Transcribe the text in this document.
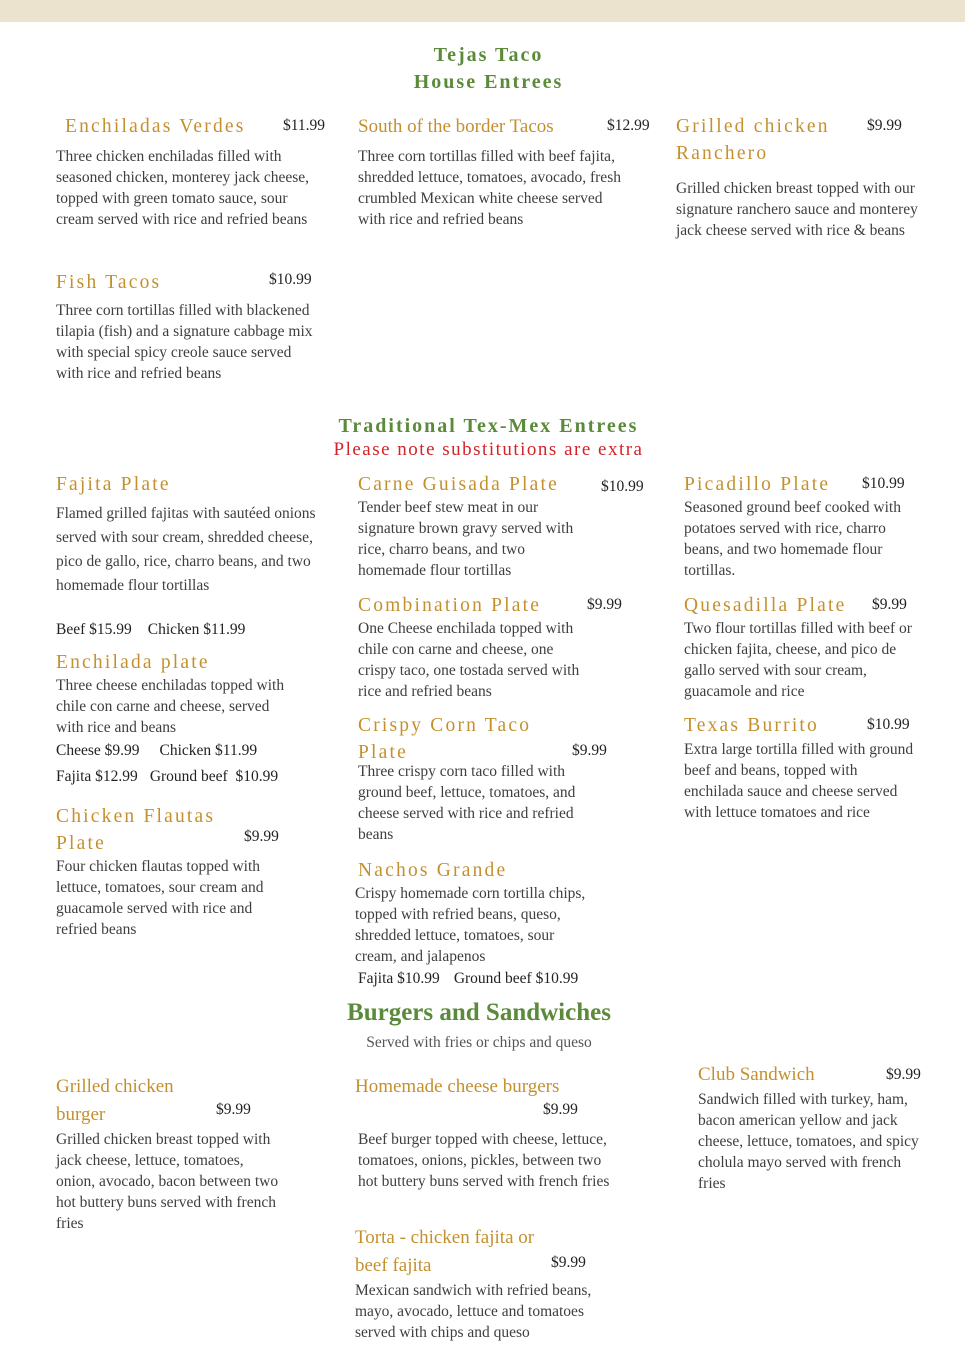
Tejas Taco
House Entrees
Enchiladas Verdes $11.99
Three chicken enchiladas filled with seasoned chicken, monterey jack cheese, topped with green tomato sauce, sour cream served with rice and refried beans
South of the border Tacos	$12.99
Three corn tortillas filled with beef fajita, shredded lettuce, tomatoes, avocado, fresh crumbled Mexican white cheese served with rice and refried beans
Grilled chicken Ranchero
$9.99
Grilled chicken breast topped with our signature ranchero sauce and monterey jack cheese served with rice & beans
Fish Tacos	$10.99
Three corn tortillas filled with blackened tilapia (fish) and a signature cabbage mix with special spicy creole sauce served with rice and refried beans
Traditional Tex-Mex Entrees
Please note substitutions are extra
Fajita Plate
Flamed grilled fajitas with sautéed onions served with sour cream, shredded cheese, pico de gallo, rice, charro beans, and two homemade flour tortillas
Beef $15.99 Chicken $11.99
Enchilada plate
Three cheese enchiladas topped with chile con carne and cheese, served with rice and beans
Cheese $9.99 Chicken $11.99
Fajita $12.99 Ground beef  $10.99
Chicken Flautas Plate	$9.99
Four chicken flautas topped with lettuce, tomatoes, sour cream and guacamole served with rice and refried beans
Carne Guisada Plate	$10.99
Tender beef stew meat in our signature brown gravy served with rice, charro beans, and two homemade flour tortillas
Combination Plate	$9.99
One Cheese enchilada topped with chile con carne and cheese, one crispy taco, one tostada served with rice and refried beans
Crispy Corn Taco Plate	$9.99
Three crispy corn taco filled with ground beef, lettuce, tomatoes, and cheese served with rice and refried beans
Nachos Grande
Crispy homemade corn tortilla chips, topped with refried beans, queso, shredded lettuce, tomatoes, sour cream, and jalapenos
Fajita $10.99 Ground beef $10.99
Picadillo Plate $10.99
Seasoned ground beef cooked with potatoes served with rice, charro beans, and two homemade flour tortillas.
Quesadilla Plate $9.99
Two flour tortillas filled with beef or chicken fajita, cheese, and pico de gallo served with sour cream, guacamole and rice
Texas Burrito	$10.99
Extra large tortilla filled with ground beef and beans, topped with enchilada sauce and cheese served with lettuce tomatoes and rice
Burgers and Sandwiches
Served with fries or chips and queso
Grilled chicken burger	$9.99
Grilled chicken breast topped with jack cheese, lettuce, tomatoes, onion, avocado, bacon between two hot buttery buns served with french fries
Homemade cheese burgers
$9.99
Beef burger topped with cheese, lettuce, tomatoes, onions, pickles, between two hot buttery buns served with french fries
Torta - chicken fajita or beef fajita	$9.99
Mexican sandwich with refried beans, mayo, avocado, lettuce and tomatoes served with chips and queso
Club Sandwich	$9.99
Sandwich filled with turkey, ham, bacon american yellow and jack cheese, lettuce, tomatoes, and spicy cholula mayo served with french fries
